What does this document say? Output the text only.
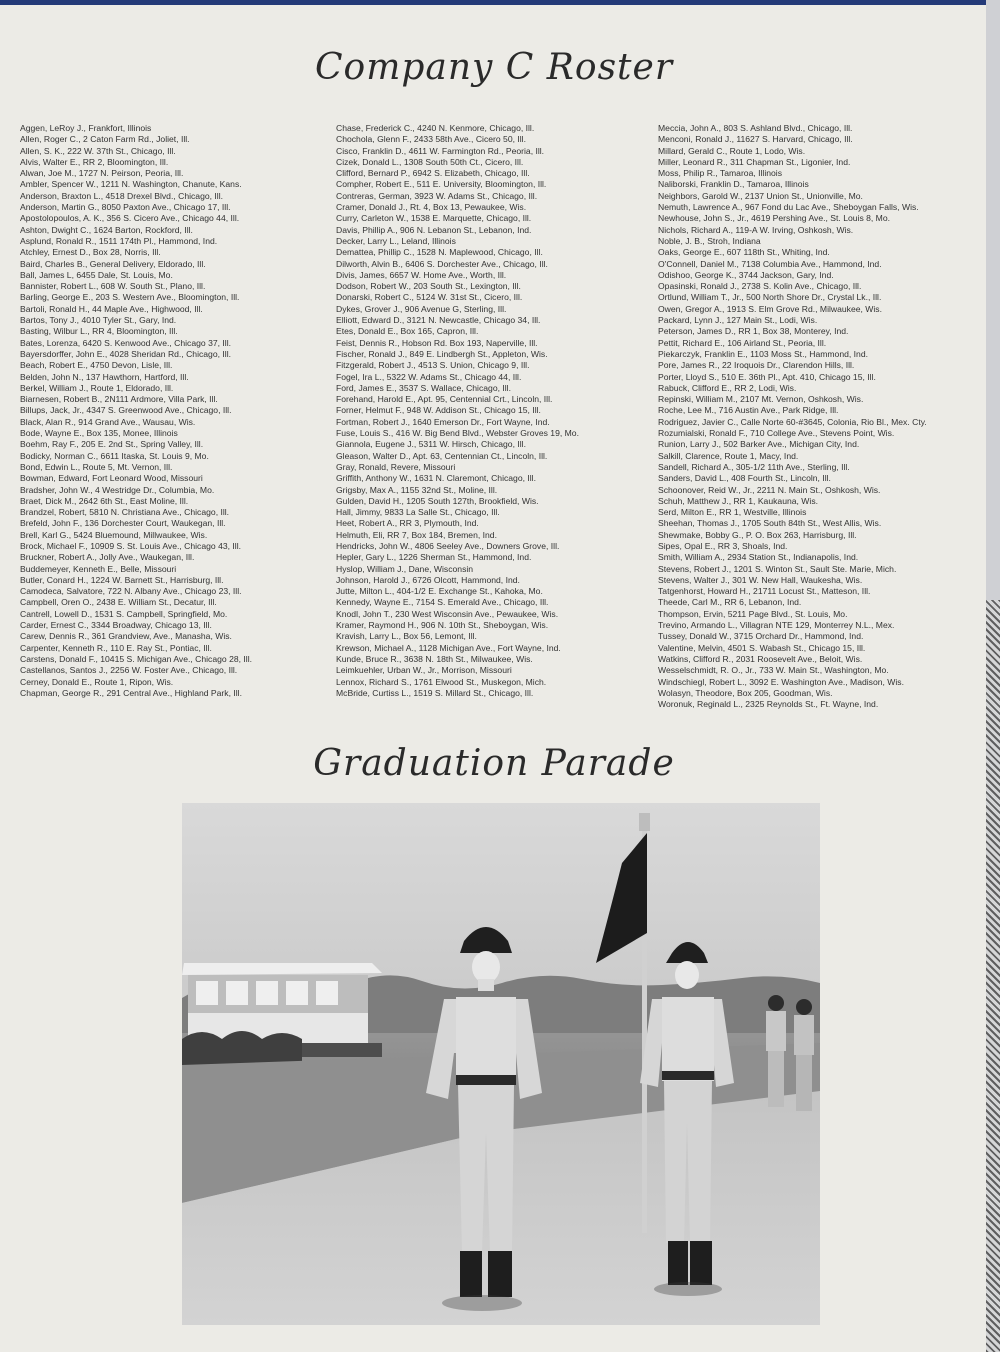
Company C Roster
Aggen, LeRoy J., Frankfort, Illinois
Allen, Roger C., 2 Caton Farm Rd., Joliet, Ill.
Allen, S. K., 222 W. 37th St., Chicago, Ill.
Alvis, Walter E., RR 2, Bloomington, Ill.
Alwan, Joe M., 1727 N. Peirson, Peoria, Ill.
Ambler, Spencer W., 1211 N. Washington, Chanute, Kans.
Anderson, Braxton L., 4518 Drexel Blvd., Chicago, Ill.
Anderson, Martin G., 8050 Paxton Ave., Chicago 17, Ill.
Apostolopoulos, A. K., 356 S. Cicero Ave., Chicago 44, Ill.
Ashton, Dwight C., 1624 Barton, Rockford, Ill.
Asplund, Ronald R., 1511 174th Pl., Hammond, Ind.
Atchley, Ernest D., Box 28, Norris, Ill.
Baird, Charles B., General Delivery, Eldorado, Ill.
Ball, James L, 6455 Dale, St. Louis, Mo.
Bannister, Robert L., 608 W. South St., Plano, Ill.
Barling, George E., 203 S. Western Ave., Bloomington, Ill.
Bartoli, Ronald H., 44 Maple Ave., Highwood, Ill.
Bartos, Tony J., 4010 Tyler St., Gary, Ind.
Basting, Wilbur L., RR 4, Bloomington, Ill.
Bates, Lorenza, 6420 S. Kenwood Ave., Chicago 37, Ill.
Bayersdorffer, John E., 4028 Sheridan Rd., Chicago, Ill.
Beach, Robert E., 4750 Devon, Lisle, Ill.
Belden, John N., 137 Hawthorn, Hartford, Ill.
Berkel, William J., Route 1, Eldorado, Ill.
Biarnesen, Robert B., 2N111 Ardmore, Villa Park, Ill.
Billups, Jack, Jr., 4347 S. Greenwood Ave., Chicago, Ill.
Black, Alan R., 914 Grand Ave., Wausau, Wis.
Bode, Wayne E., Box 135, Monee, Illinois
Boehm, Ray F., 205 E. 2nd St., Spring Valley, Ill.
Bodicky, Norman C., 6611 Itaska, St. Louis 9, Mo.
Bond, Edwin L., Route 5, Mt. Vernon, Ill.
Bowman, Edward, Fort Leonard Wood, Missouri
Bradsher, John W., 4 Westridge Dr., Columbia, Mo.
Braet, Dick M., 2642 6th St., East Moline, Ill.
Brandzel, Robert, 5810 N. Christiana Ave., Chicago, Ill.
Brefeld, John F., 136 Dorchester Court, Waukegan, Ill.
Brell, Karl G., 5424 Bluemound, Millwaukee, Wis.
Brock, Michael F., 10909 S. St. Louis Ave., Chicago 43, Ill.
Bruckner, Robert A., Jolly Ave., Waukegan, Ill.
Buddemeyer, Kenneth E., Belle, Missouri
Butler, Conard H., 1224 W. Barnett St., Harrisburg, Ill.
Camodeca, Salvatore, 722 N. Albany Ave., Chicago 23, Ill.
Campbell, Oren O., 2438 E. William St., Decatur, Ill.
Cantrell, Lowell D., 1531 S. Campbell, Springfield, Mo.
Carder, Ernest C., 3344 Broadway, Chicago 13, Ill.
Carew, Dennis R., 361 Grandview, Ave., Manasha, Wis.
Carpenter, Kenneth R., 110 E. Ray St., Pontiac, Ill.
Carstens, Donald F., 10415 S. Michigan Ave., Chicago 28, Ill.
Castellanos, Santos J., 2256 W. Foster Ave., Chicago, Ill.
Cerney, Donald E., Route 1, Ripon, Wis.
Chapman, George R., 291 Central Ave., Highland Park, Ill.
Chase, Frederick C., 4240 N. Kenmore, Chicago, Ill.
Chochola, Glenn F., 2433 58th Ave., Cicero 50, Ill.
Cisco, Franklin D., 4611 W. Farmington Rd., Peoria, Ill.
Cizek, Donald L., 1308 South 50th Ct., Cicero, Ill.
Clifford, Bernard P., 6942 S. Elizabeth, Chicago, Ill.
Compher, Robert E., 511 E. University, Bloomington, Ill.
Contreras, German, 3923 W. Adams St., Chicago, Ill.
Cramer, Donald J., Rt. 4, Box 13, Pewaukee, Wis.
Curry, Carleton W., 1538 E. Marquette, Chicago, Ill.
Davis, Phillip A., 906 N. Lebanon St., Lebanon, Ind.
Decker, Larry L., Leland, Illinois
Demattea, Phillip C., 1528 N. Maplewood, Chicago, Ill.
Dilworth, Alvin B., 6406 S. Dorchester Ave., Chicago, Ill.
Divis, James, 6657 W. Home Ave., Worth, Ill.
Dodson, Robert W., 203 South St., Lexington, Ill.
Donarski, Robert C., 5124 W. 31st St., Cicero, Ill.
Dykes, Grover J., 906 Avenue G, Sterling, Ill.
Elliott, Edward D., 3121 N. Newcastle, Chicago 34, Ill.
Etes, Donald E., Box 165, Capron, Ill.
Feist, Dennis R., Hobson Rd. Box 193, Naperville, Ill.
Fischer, Ronald J., 849 E. Lindbergh St., Appleton, Wis.
Fitzgerald, Robert J., 4513 S. Union, Chicago 9, Ill.
Fogel, Ira L., 5322 W. Adams St., Chicago 44, Ill.
Ford, James E., 3537 S. Wallace, Chicago, Ill.
Forehand, Harold E., Apt. 95, Centennial Crt., Lincoln, Ill.
Forner, Helmut F., 948 W. Addison St., Chicago 15, Ill.
Fortman, Robert J., 1640 Emerson Dr., Fort Wayne, Ind.
Fuse, Louis S., 416 W. Big Bend Blvd., Webster Groves 19, Mo.
Giannola, Eugene J., 5311 W. Hirsch, Chicago, Ill.
Gleason, Walter D., Apt. 63, Centennian Ct., Lincoln, Ill.
Gray, Ronald, Revere, Missouri
Griffith, Anthony W., 1631 N. Claremont, Chicago, Ill.
Grigsby, Max A., 1155 32nd St., Moline, Ill.
Gulden, David H., 1205 South 127th, Brookfield, Wis.
Hall, Jimmy, 9833 La Salle St., Chicago, Ill.
Heet, Robert A., RR 3, Plymouth, Ind.
Helmuth, Eli, RR 7, Box 184, Bremen, Ind.
Hendricks, John W., 4806 Seeley Ave., Downers Grove, Ill.
Hepler, Gary L., 1226 Sherman St., Hammond, Ind.
Hyslop, William J., Dane, Wisconsin
Johnson, Harold J., 6726 Olcott, Hammond, Ind.
Jutte, Milton L., 404-1/2 E. Exchange St., Kahoka, Mo.
Kennedy, Wayne E., 7154 S. Emerald Ave., Chicago, Ill.
Knodl, John T., 230 West Wisconsin Ave., Pewaukee, Wis.
Kramer, Raymond H., 906 N. 10th St., Sheboygan, Wis.
Kravish, Larry L., Box 56, Lemont, Ill.
Krewson, Michael A., 1128 Michigan Ave., Fort Wayne, Ind.
Kunde, Bruce R., 3638 N. 18th St., Milwaukee, Wis.
Leimkuehler, Urban W., Jr., Morrison, Missouri
Lennox, Richard S., 1761 Elwood St., Muskegon, Mich.
McBride, Curtiss L., 1519 S. Millard St., Chicago, Ill.
Meccia, John A., 803 S. Ashland Blvd., Chicago, Ill.
Menconi, Ronald J., 11627 S. Harvard, Chicago, Ill.
Millard, Gerald C., Route 1, Lodo, Wis.
Miller, Leonard R., 311 Chapman St., Ligonier, Ind.
Moss, Philip R., Tamaroa, Illinois
Naliborski, Franklin D., Tamaroa, Illinois
Neighbors, Garold W., 2137 Union St., Unionville, Mo.
Nemuth, Lawrence A., 967 Fond du Lac Ave., Sheboygan Falls, Wis.
Newhouse, John S., Jr., 4619 Pershing Ave., St. Louis 8, Mo.
Nichols, Richard A., 119-A W. Irving, Oshkosh, Wis.
Noble, J. B., Stroh, Indiana
Oaks, George E., 607 118th St., Whiting, Ind.
O'Connell, Daniel M., 7138 Columbia Ave., Hammond, Ind.
Odishoo, George K., 3744 Jackson, Gary, Ind.
Opasinski, Ronald J., 2738 S. Kolin Ave., Chicago, Ill.
Ortlund, William T., Jr., 500 North Shore Dr., Crystal Lk., Ill.
Owen, Gregor A., 1913 S. Elm Grove Rd., Milwaukee, Wis.
Packard, Lynn J., 127 Main St., Lodi, Wis.
Peterson, James D., RR 1, Box 38, Monterey, Ind.
Pettit, Richard E., 106 Airland St., Peoria, Ill.
Piekarczyk, Franklin E., 1103 Moss St., Hammond, Ind.
Pore, James R., 22 Iroquois Dr., Clarendon Hills, Ill.
Porter, Lloyd S., 510 E. 36th Pl., Apt. 410, Chicago 15, Ill.
Rabuck, Clifford E., RR 2, Lodi, Wis.
Repinski, William M., 2107 Mt. Vernon, Oshkosh, Wis.
Roche, Lee M., 716 Austin Ave., Park Ridge, Ill.
Rodriguez, Javier C., Calle Norte 60-#3645, Colonia, Rio Bl., Mex. Cty.
Rozumialski, Ronald F., 710 College Ave., Stevens Point, Wis.
Runion, Larry J., 502 Barker Ave., Michigan City, Ind.
Salkill, Clarence, Route 1, Macy, Ind.
Sandell, Richard A., 305-1/2 11th Ave., Sterling, Ill.
Sanders, David L., 408 Fourth St., Lincoln, Ill.
Schoonover, Reid W., Jr., 2211 N. Main St., Oshkosh, Wis.
Schuh, Matthew J., RR 1, Kaukauna, Wis.
Serd, Milton E., RR 1, Westville, Illinois
Sheehan, Thomas J., 1705 South 84th St., West Allis, Wis.
Shewmake, Bobby G., P. O. Box 263, Harrisburg, Ill.
Sipes, Opal E., RR 3, Shoals, Ind.
Smith, William A., 2934 Station St., Indianapolis, Ind.
Stevens, Robert J., 1201 S. Winton St., Sault Ste. Marie, Mich.
Stevens, Walter J., 301 W. New Hall, Waukesha, Wis.
Tatgenhorst, Howard H., 21711 Locust St., Matteson, Ill.
Theede, Carl M., RR 6, Lebanon, Ind.
Thompson, Ervin, 5211 Page Blvd., St. Louis, Mo.
Trevino, Armando L., Villagran NTE 129, Monterrey N.L., Mex.
Tussey, Donald W., 3715 Orchard Dr., Hammond, Ind.
Valentine, Melvin, 4501 S. Wabash St., Chicago 15, Ill.
Watkins, Clifford R., 2031 Roosevelt Ave., Beloit, Wis.
Wesselschmidt, R. O., Jr., 733 W. Main St., Washington, Mo.
Windschiegl, Robert L., 3092 E. Washington Ave., Madison, Wis.
Wolasyn, Theodore, Box 205, Goodman, Wis.
Woronuk, Reginald L., 2325 Reynolds St., Ft. Wayne, Ind.
Graduation Parade
